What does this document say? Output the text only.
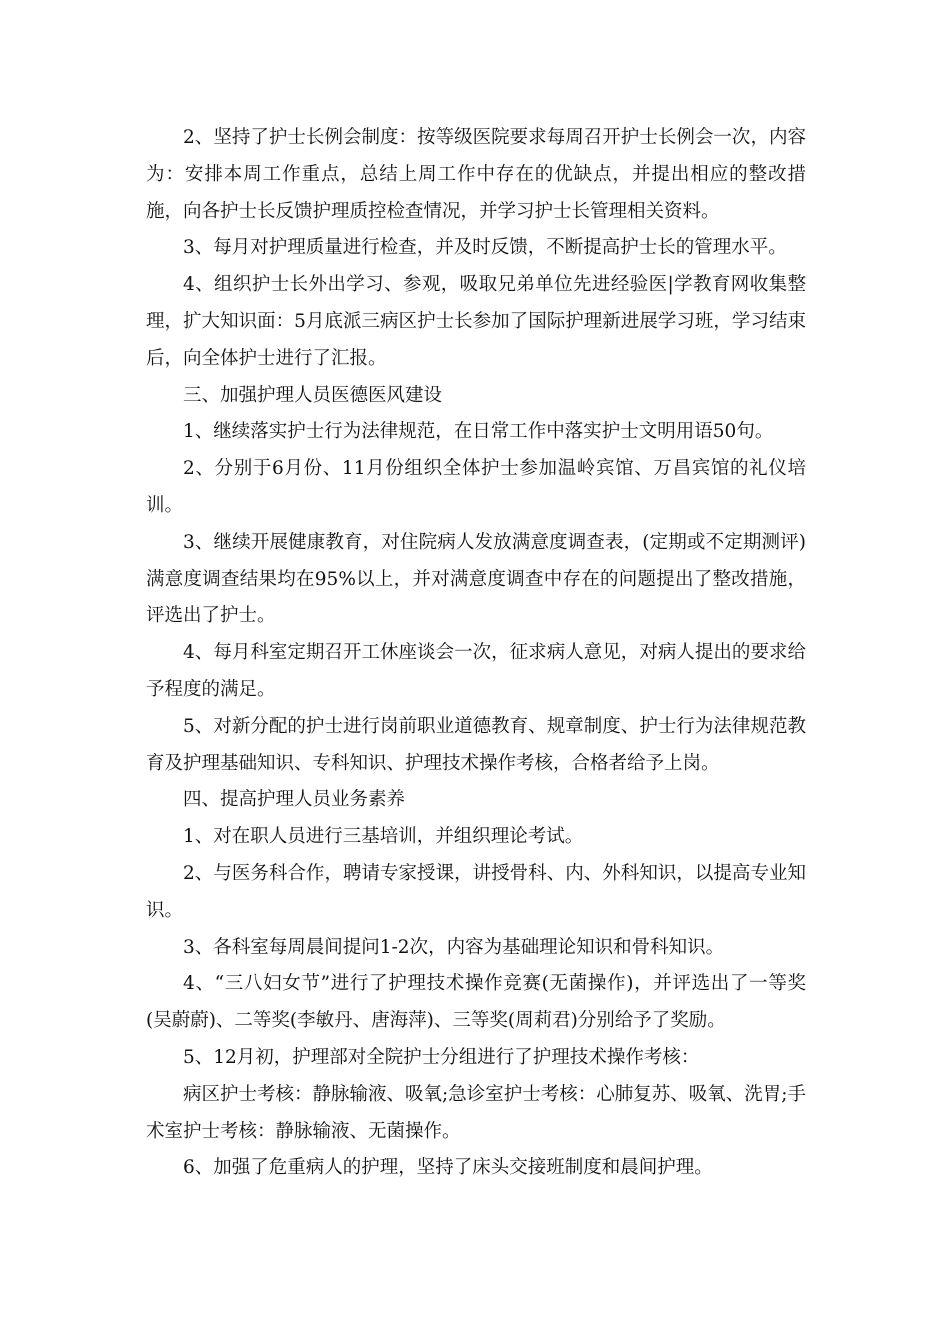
2、坚持了护士长例会制度：按等级医院要求每周召开护士长例会一次，内容为：安排本周工作重点，总结上周工作中存在的优缺点，并提出相应的整改措施，向各护士长反馈护理质控检查情况，并学习护士长管理相关资料。

3、每月对护理质量进行检查，并及时反馈，不断提高护士长的管理水平。

4、组织护士长外出学习、参观，吸取兄弟单位先进经验医|学教育网收集整理，扩大知识面：5月底派三病区护士长参加了国际护理新进展学习班，学习结束后，向全体护士进行了汇报。

三、加强护理人员医德医风建设

1、继续落实护士行为法律规范，在日常工作中落实护士文明用语50句。

2、分别于6月份、11月份组织全体护士参加温岭宾馆、万昌宾馆的礼仪培训。

3、继续开展健康教育，对住院病人发放满意度调查表，(定期或不定期测评)满意度调查结果均在95%以上，并对满意度调查中存在的问题提出了整改措施，评选出了护士。

4、每月科室定期召开工休座谈会一次，征求病人意见，对病人提出的要求给予程度的满足。

5、对新分配的护士进行岗前职业道德教育、规章制度、护士行为法律规范教育及护理基础知识、专科知识、护理技术操作考核，合格者给予上岗。

四、提高护理人员业务素养

1、对在职人员进行三基培训，并组织理论考试。

2、与医务科合作，聘请专家授课，讲授骨科、内、外科知识，以提高专业知识。

3、各科室每周晨间提问1-2次，内容为基础理论知识和骨科知识。

4、“三八妇女节”进行了护理技术操作竞赛(无菌操作)，并评选出了一等奖(吴蔚蔚)、二等奖(李敏丹、唐海萍)、三等奖(周莉君)分别给予了奖励。

5、12月初，护理部对全院护士分组进行了护理技术操作考核：

病区护士考核：静脉输液、吸氧;急诊室护士考核：心肺复苏、吸氧、洗胃;手术室护士考核：静脉输液、无菌操作。

6、加强了危重病人的护理，坚持了床头交接班制度和晨间护理。
